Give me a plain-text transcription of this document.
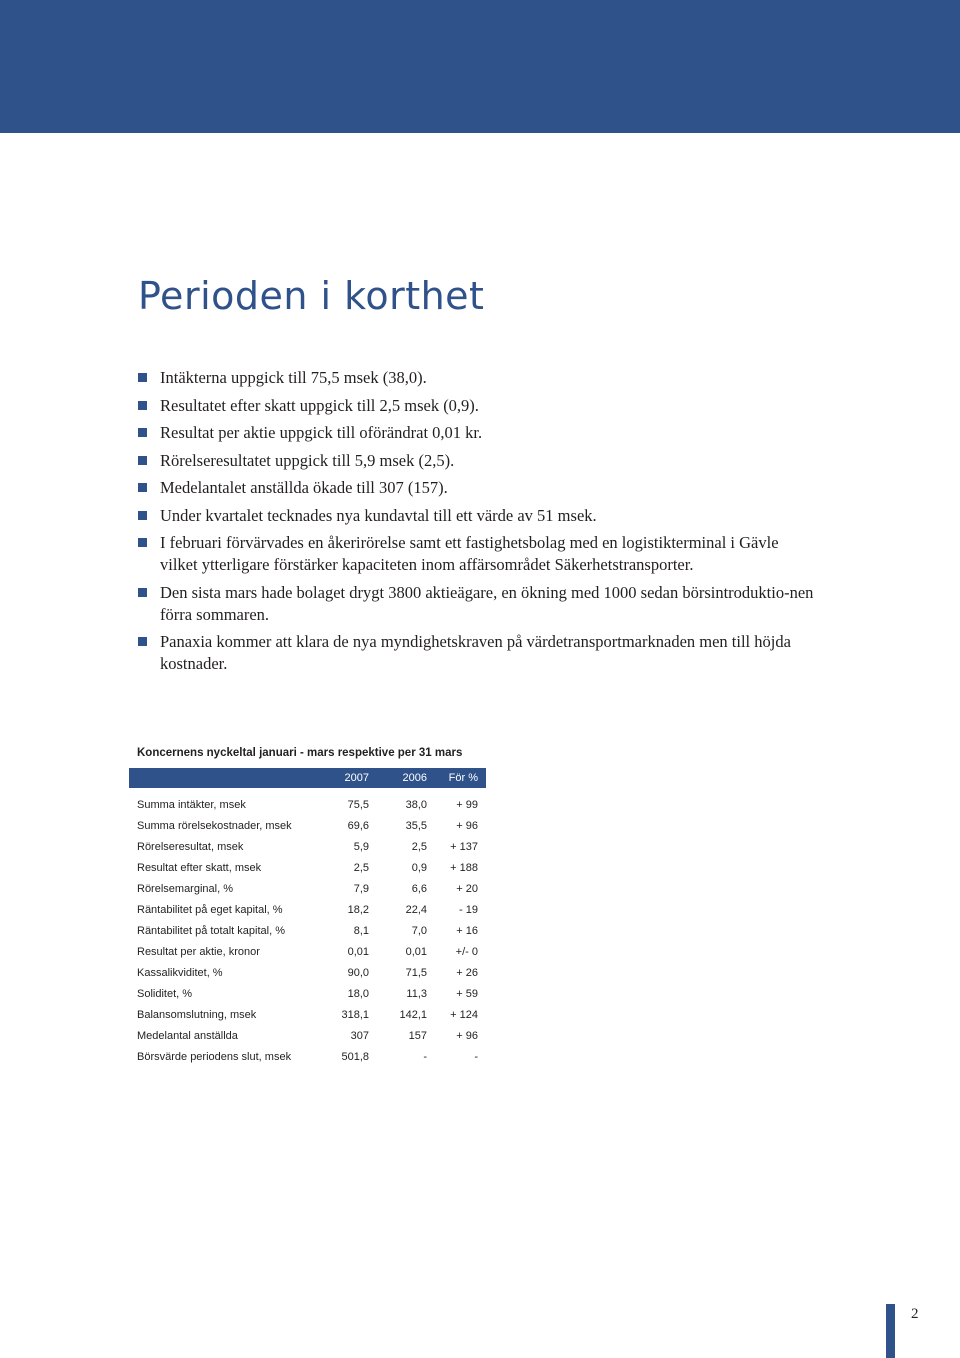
Perioden i korthet
Intäkterna uppgick till 75,5 msek (38,0).
Resultatet efter skatt uppgick till 2,5 msek (0,9).
Resultat per aktie uppgick till oförändrat 0,01 kr.
Rörelseresultatet uppgick till 5,9 msek (2,5).
Medelantalet anställda ökade till 307 (157).
Under kvartalet tecknades nya kundavtal till ett värde av 51 msek.
I februari förvärvades en åkerirörelse samt ett fastighetsbolag med en logistikterminal i Gävle vilket ytterligare förstärker kapaciteten inom affärsområdet Säkerhetstransporter.
Den sista mars hade bolaget drygt 3800 aktieägare, en ökning med 1000 sedan börsintroduktio-nen förra sommaren.
Panaxia kommer att klara de nya myndighetskraven på värdetransportmarknaden men till höjda kostnader.
Koncernens nyckeltal januari - mars respektive per 31 mars
	2007	2006	För %
Summa intäkter, msek	75,5	38,0	+ 99
Summa rörelsekostnader, msek	69,6	35,5	+ 96
Rörelseresultat, msek	5,9	2,5	+ 137
Resultat efter skatt, msek	2,5	0,9	+ 188
Rörelsemarginal, %	7,9	6,6	+ 20
Räntabilitet på eget kapital, %	18,2	22,4	- 19
Räntabilitet på totalt kapital, %	8,1	7,0	+ 16
Resultat per aktie, kronor	0,01	0,01	+/- 0
Kassalikviditet, %	90,0	71,5	+ 26
Soliditet, %	18,0	11,3	+ 59
Balansomslutning, msek	318,1	142,1	+ 124
Medelantal anställda	307	157	+ 96
Börsvärde periodens slut, msek	501,8	-	-
2
